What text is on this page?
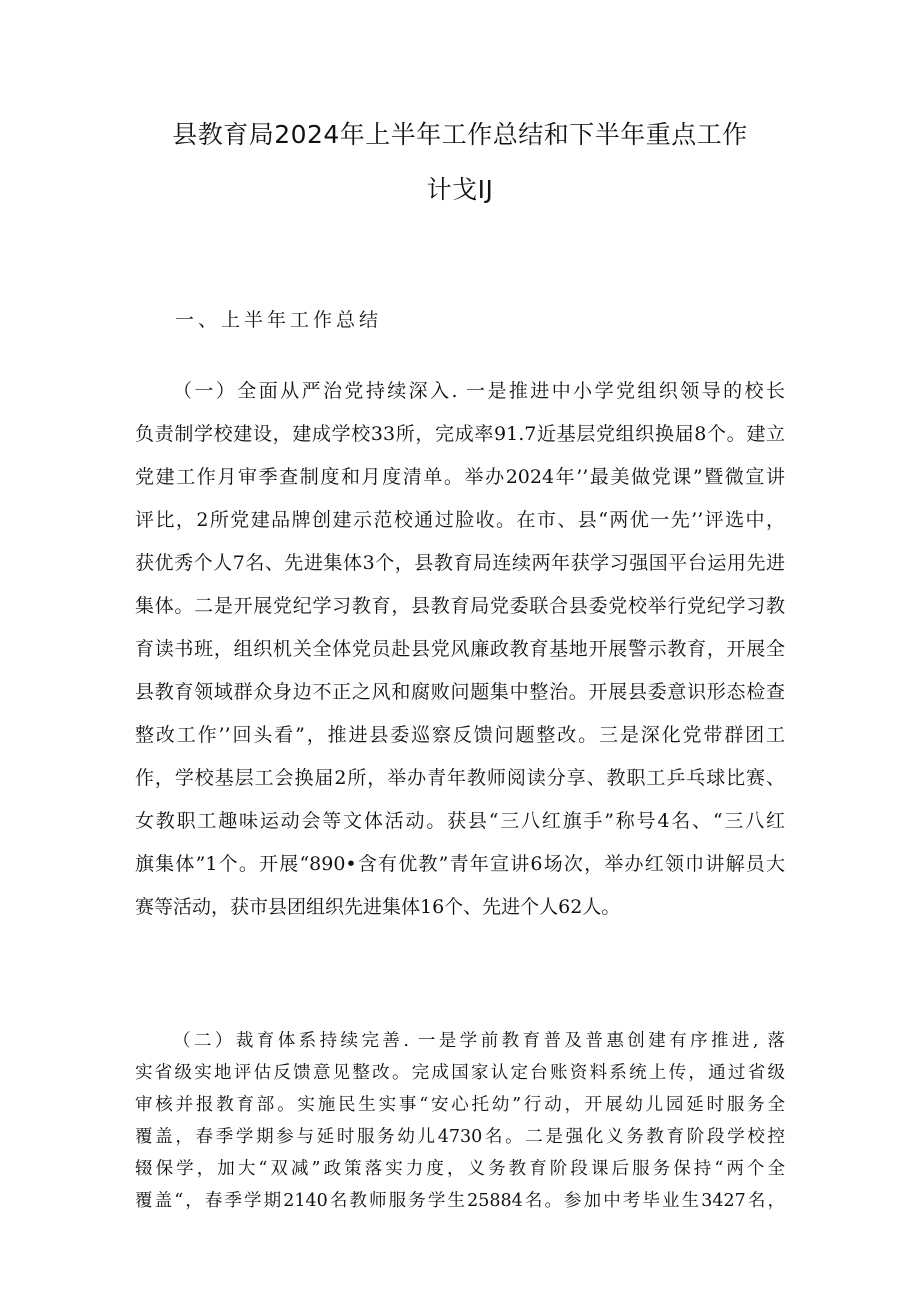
县教育局2024年上半年工作总结和下半年重点工作
计戈IJ
一、上半年工作总结
（一）全面从严治党持续深入. 一是推进中小学党组织领导的校长
负责制学校建设，建成学校33所，完成率91.7近基层党组织换届8个。建立
党建工作月审季查制度和月度清单。举办2024年’’最美做党课”暨微宣讲
评比，2所党建品牌创建示范校通过脸收。在市、县“两优一先’’评选中，
获优秀个人7名、先进集体3个，县教育局连续两年获学习强国平台运用先进
集体。二是开展党纪学习教育，县教育局党委联合县委党校举行党纪学习教
育读书班，组织机关全体党员赴县党风廉政教育基地开展警示教育，开展全
县教育领域群众身边不正之风和腐败问题集中整治。开展县委意识形态检查
整改工作’’回头看”，推进县委巡察反馈问题整改。三是深化党带群团工
作，学校基层工会换届2所，举办青年教师阅读分享、教职工乒乓球比赛、
女教职工趣味运动会等文体活动。获县“三八红旗手”称号4名、“三八红
旗集体”1个。开展“890•含有优教”青年宣讲6场次，举办红领巾讲解员大
赛等活动，获市县团组织先进集体16个、先进个人62人。
（二）裁育体系持续完善. 一是学前教育普及普惠创建有序推进, 落
实省级实地评估反馈意见整改。完成国家认定台账资料系统上传，通过省级
审核并报教育部。实施民生实事“安心托幼”行动，开展幼儿园延时服务全
覆盖，春季学期参与延时服务幼儿4730名。二是强化义务教育阶段学校控
辍保学，加大“双减”政策落实力度，义务教育阶段课后服务保持“两个全
覆盖“，春季学期2140名教师服务学生25884名。参加中考毕业生3427名，
